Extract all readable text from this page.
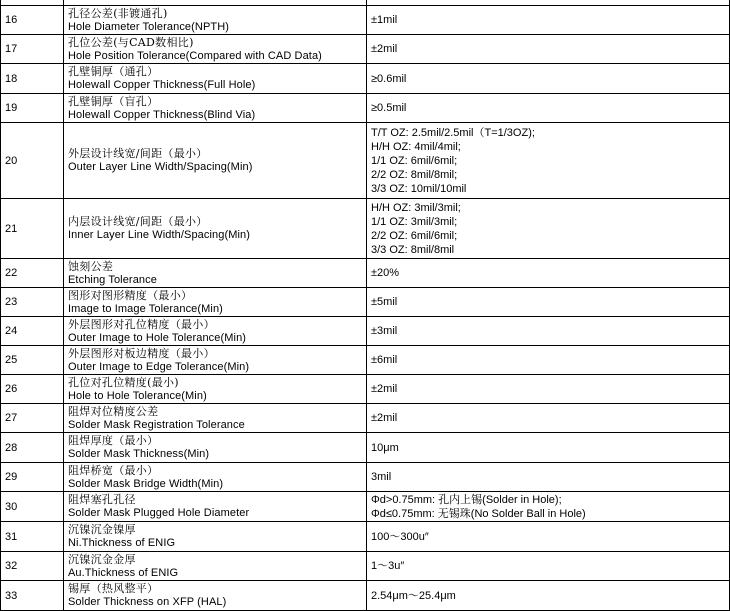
16	孔径公差(非镀通孔)
Hole Diameter Tolerance(NPTH)	±1mil

17	孔位公差(与CAD数相比)
Hole Position Tolerance(Compared with CAD Data)	±2mil

18	孔壁铜厚（通孔）
Holewall Copper Thickness(Full Hole)	≥0.6mil

19	孔壁铜厚（盲孔）
Holewall Copper Thickness(Blind Via)	≥0.5mil

20	外层设计线宽/间距（最小）
Outer Layer Line Width/Spacing(Min)	T/T OZ: 2.5mil/2.5mil（T=1/3OZ);
H/H OZ: 4mil/4mil;
1/1 OZ: 6mil/6mil;
2/2 OZ: 8mil/8mil;
3/3 OZ: 10mil/10mil

21	内层设计线宽/间距（最小）
Inner Layer Line Width/Spacing(Min)	H/H OZ: 3mil/3mil;
1/1 OZ: 3mil/3mil;
2/2 OZ: 6mil/6mil;
3/3 OZ: 8mil/8mil

22	蚀刻公差
Etching Tolerance	±20%

23	图形对图形精度（最小）
Image to Image Tolerance(Min)	±5mil

24	外层图形对孔位精度（最小）
Outer Image to Hole Tolerance(Min)	±3mil

25	外层图形对板边精度（最小）
Outer Image to Edge Tolerance(Min)	±6mil

26	孔位对孔位精度(最小)
Hole to Hole Tolerance(Min)	±2mil

27	阻焊对位精度公差
Solder Mask Registration Tolerance	±2mil

28	阻焊厚度（最小）
Solder Mask Thickness(Min)	10μm

29	阻焊桥宽（最小）
Solder Mask Bridge Width(Min)	3mil

30	阻焊塞孔孔径
Solder Mask Plugged Hole Diameter	Φd>0.75mm: 孔内上锡(Solder in Hole);
Φd≤0.75mm: 无锡珠(No Solder Ball in Hole)

31	沉镍沉金镍厚
Ni.Thickness of ENIG	100～300u″

32	沉镍沉金金厚
Au.Thickness of ENIG	1～3u″

33	锡厚（热风整平）
Solder Thickness on XFP (HAL)	2.54μm～25.4μm
